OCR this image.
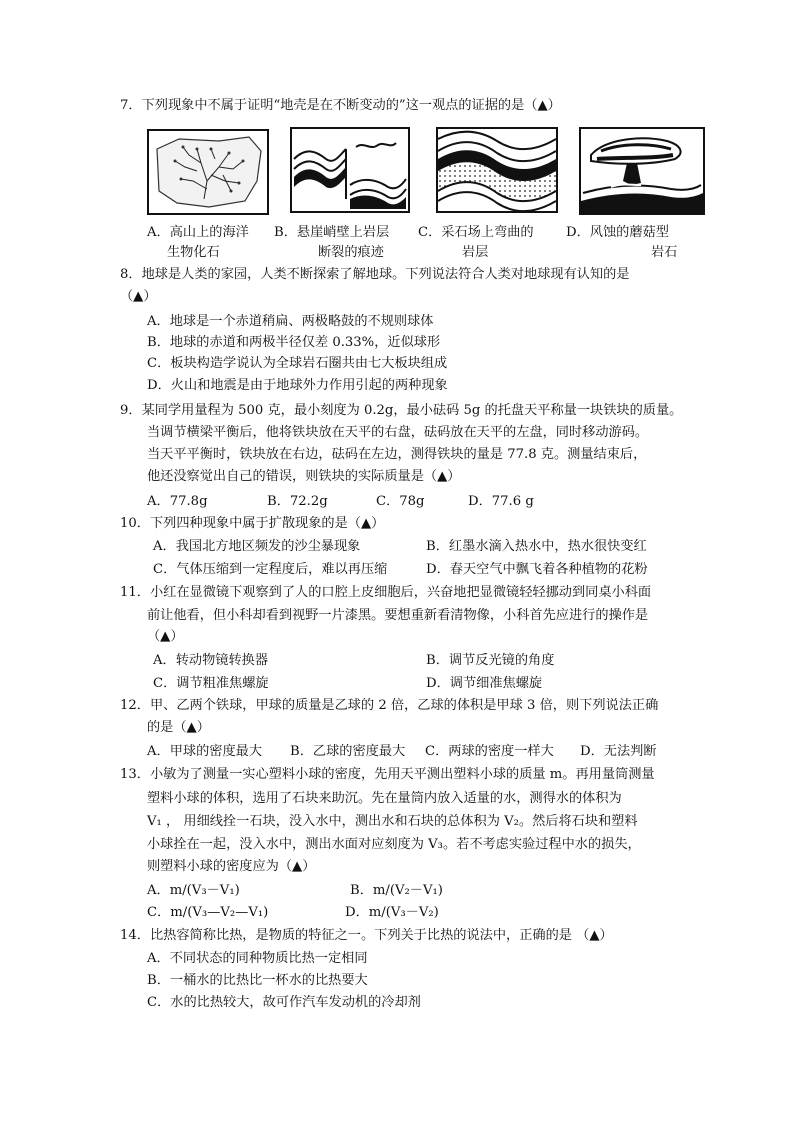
7．下列现象中不属于证明“地壳是在不断变动的”这一观点的证据的是（▲）
A．高山上的海洋
生物化石
B．悬崖峭壁上岩层
断裂的痕迹
C．采石场上弯曲的
岩层
D．风蚀的蘑菇型
岩石
8．地球是人类的家园，人类不断探索了解地球。下列说法符合人类对地球现有认知的是
（▲）
A．地球是一个赤道稍扁、两极略鼓的不规则球体
B．地球的赤道和两极半径仅差 0.33%，近似球形
C．板块构造学说认为全球岩石圈共由七大板块组成
D．火山和地震是由于地球外力作用引起的两种现象
9．某同学用量程为 500 克，最小刻度为 0.2g，最小砝码 5g 的托盘天平称量一块铁块的质量。
当调节横梁平衡后，他将铁块放在天平的右盘，砝码放在天平的左盘，同时移动游码。
当天平平衡时，铁块放在右边，砝码在左边，测得铁块的量是 77.8 克。测量结束后，
他还没察觉出自己的错误，则铁块的实际质量是（▲）
A．77.8g	B．72.2g	C．78g	D．77.6 g
10．下列四种现象中属于扩散现象的是（▲）
A．我国北方地区频发的沙尘暴现象	B．红墨水滴入热水中，热水很快变红
C．气体压缩到一定程度后，难以再压缩	D．春天空气中飘飞着各种植物的花粉
11．小红在显微镜下观察到了人的口腔上皮细胞后，兴奋地把显微镜轻轻挪动到同桌小科面
前让他看，但小科却看到视野一片漆黑。要想重新看清物像，小科首先应进行的操作是
（▲）
A．转动物镜转换器	B．调节反光镜的角度
C．调节粗准焦螺旋	D．调节细准焦螺旋
12．甲、乙两个铁球，甲球的质量是乙球的 2 倍，乙球的体积是甲球 3 倍，则下列说法正确
的是（▲）
A．甲球的密度最大 B．乙球的密度最大 C．两球的密度一样大 D．无法判断
13．小敏为了测量一实心塑料小球的密度，先用天平测出塑料小球的质量 m。再用量筒测量
塑料小球的体积，选用了石块来助沉。先在量筒内放入适量的水，测得水的体积为
V₁ ， 用细线拴一石块，没入水中，测出水和石块的总体积为 V₂。然后将石块和塑料
小球拴在一起，没入水中，测出水面对应刻度为 V₃。若不考虑实验过程中水的损失，
则塑料小球的密度应为（▲）
A．m/(V₃－V₁)	B．m/(V₂－V₁)
C．m/(V₃—V₂—V₁)	D．m/(V₃－V₂)
14．比热容简称比热，是物质的特征之一。下列关于比热的说法中，正确的是 （▲）
A．不同状态的同种物质比热一定相同
B．一桶水的比热比一杯水的比热要大
C．水的比热较大，故可作汽车发动机的冷却剂
